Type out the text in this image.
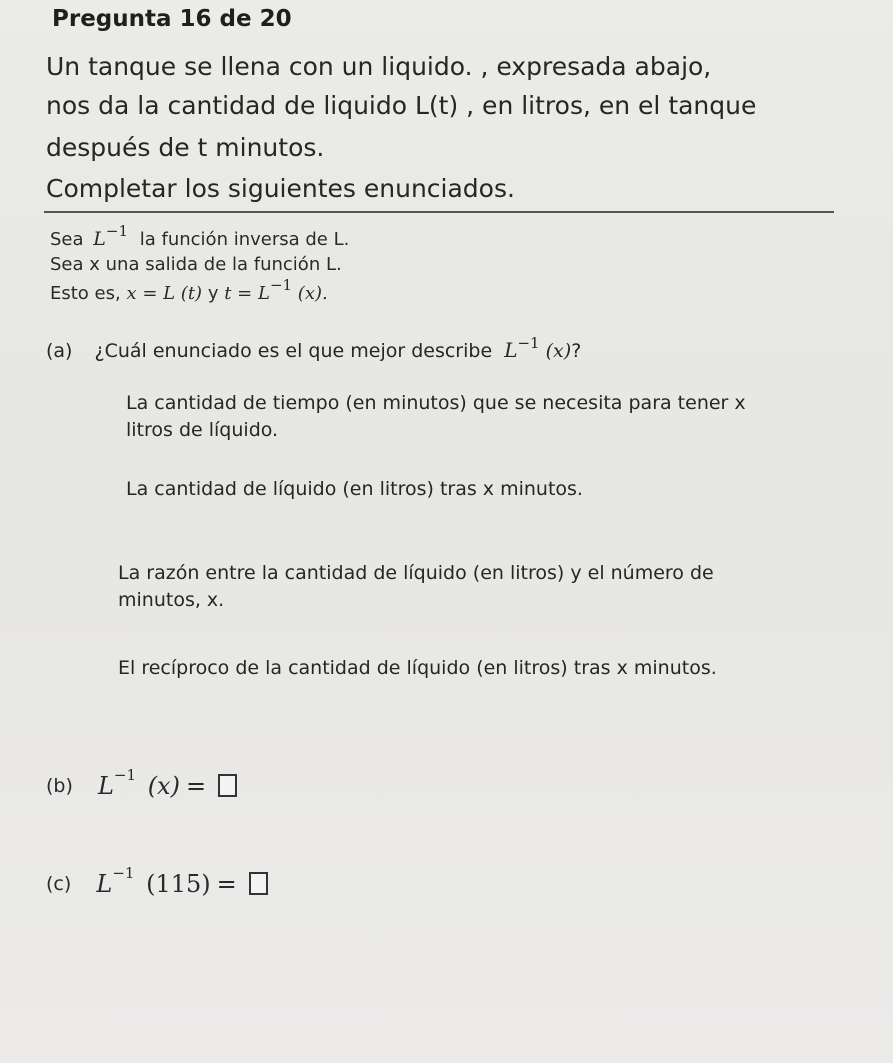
Pregunta 16 de 20
Un tanque se llena con un liquido. , expresada abajo,
nos da la cantidad de liquido L(t) , en litros, en el tanque
después de t minutos.
Completar los siguientes enunciados.
Sea $L^{-1}$ la función inversa de L.
Sea x una salida de la función L.
Esto es, x = L (t) y $t = L^{-1}$ (x).
(a) ¿Cuál enunciado es el que mejor describe $L^{-1}$ (x)?
La cantidad de tiempo (en minutos) que se necesita para tener x
litros de líquido.
La cantidad de líquido (en litros) tras x minutos.
La razón entre la cantidad de líquido (en litros) y el número de
minutos, x.
El recíproco de la cantidad de líquido (en litros) tras x minutos.
(b) $L^{-1}$ (x) =
(c) $L^{-1}$ (115) =
